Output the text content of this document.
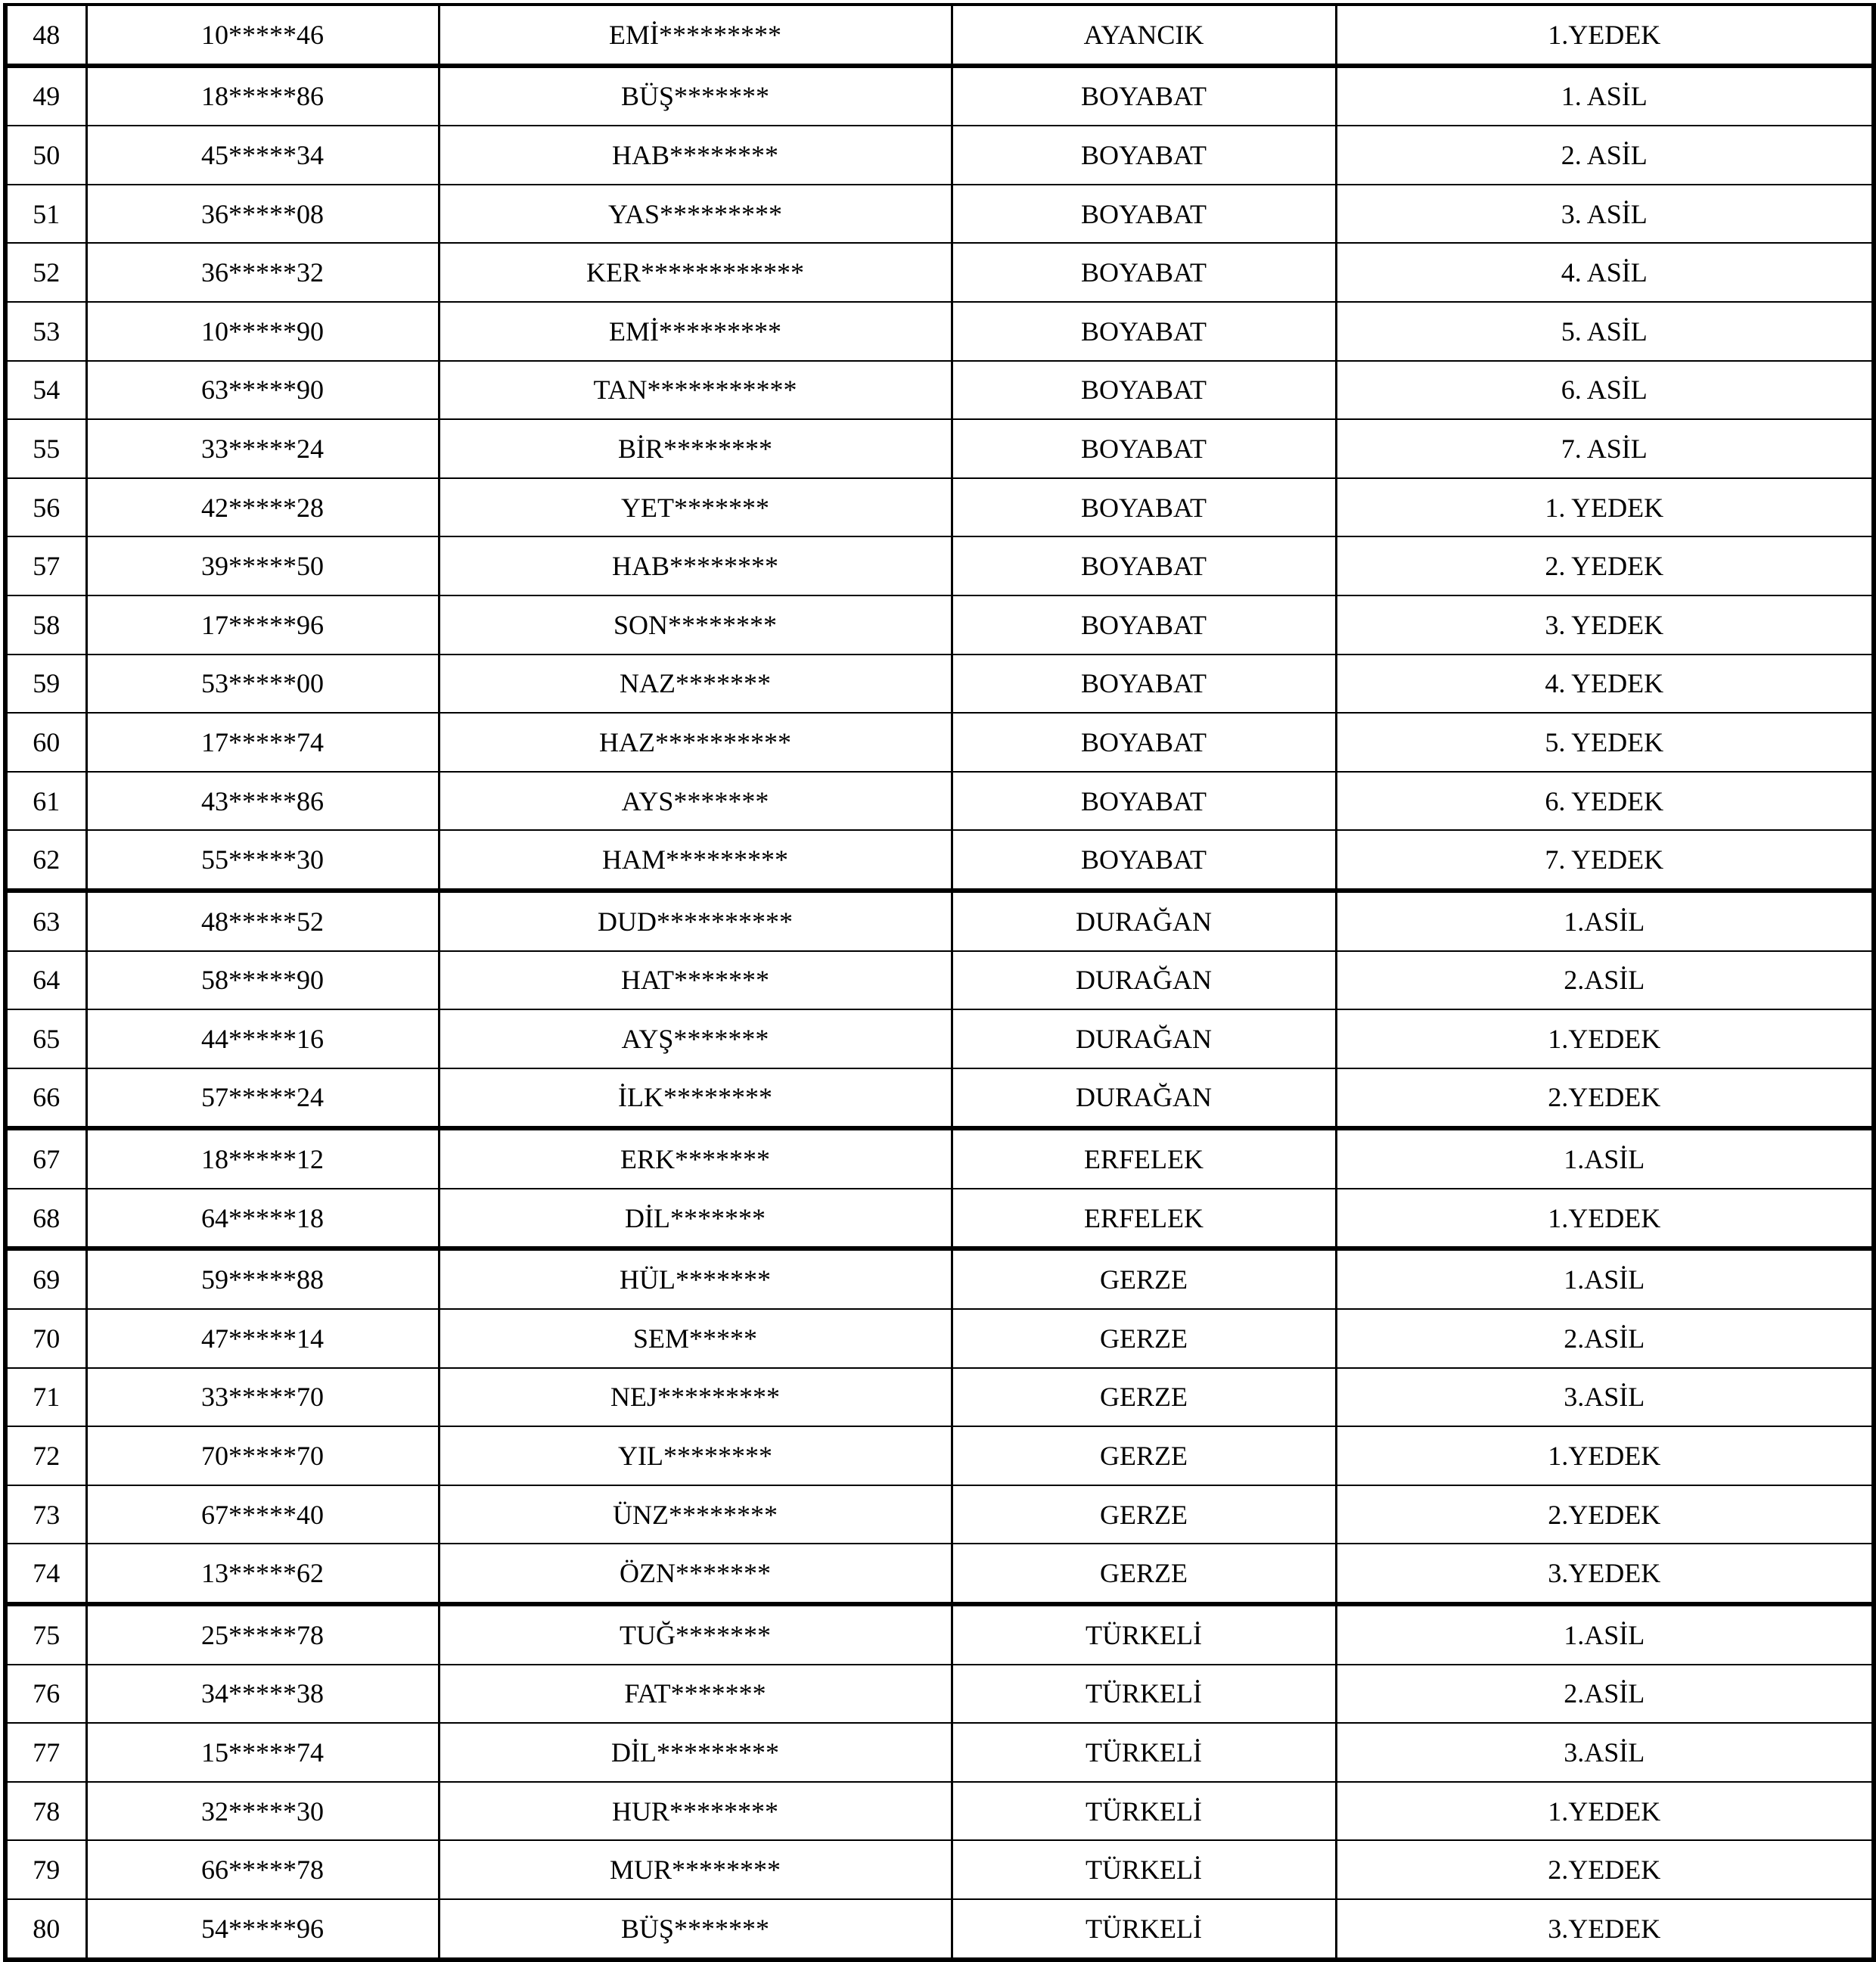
48	10*****46	EMİ*********	AYANCIK	1.YEDEK
49	18*****86	BÜŞ*******	BOYABAT	1. ASİL
50	45*****34	HAB********	BOYABAT	2. ASİL
51	36*****08	YAS*********	BOYABAT	3. ASİL
52	36*****32	KER************	BOYABAT	4. ASİL
53	10*****90	EMİ*********	BOYABAT	5. ASİL
54	63*****90	TAN***********	BOYABAT	6. ASİL
55	33*****24	BİR********	BOYABAT	7. ASİL
56	42*****28	YET*******	BOYABAT	1. YEDEK
57	39*****50	HAB********	BOYABAT	2. YEDEK
58	17*****96	SON********	BOYABAT	3. YEDEK
59	53*****00	NAZ*******	BOYABAT	4. YEDEK
60	17*****74	HAZ**********	BOYABAT	5. YEDEK
61	43*****86	AYS*******	BOYABAT	6. YEDEK
62	55*****30	HAM*********	BOYABAT	7. YEDEK
63	48*****52	DUD**********	DURAĞAN	1.ASİL
64	58*****90	HAT*******	DURAĞAN	2.ASİL
65	44*****16	AYŞ*******	DURAĞAN	1.YEDEK
66	57*****24	İLK********	DURAĞAN	2.YEDEK
67	18*****12	ERK*******	ERFELEK	1.ASİL
68	64*****18	DİL*******	ERFELEK	1.YEDEK
69	59*****88	HÜL*******	GERZE	1.ASİL
70	47*****14	SEM*****	GERZE	2.ASİL
71	33*****70	NEJ*********	GERZE	3.ASİL
72	70*****70	YIL********	GERZE	1.YEDEK
73	67*****40	ÜNZ********	GERZE	2.YEDEK
74	13*****62	ÖZN*******	GERZE	3.YEDEK
75	25*****78	TUĞ*******	TÜRKELİ	1.ASİL
76	34*****38	FAT*******	TÜRKELİ	2.ASİL
77	15*****74	DİL*********	TÜRKELİ	3.ASİL
78	32*****30	HUR********	TÜRKELİ	1.YEDEK
79	66*****78	MUR********	TÜRKELİ	2.YEDEK
80	54*****96	BÜŞ*******	TÜRKELİ	3.YEDEK
